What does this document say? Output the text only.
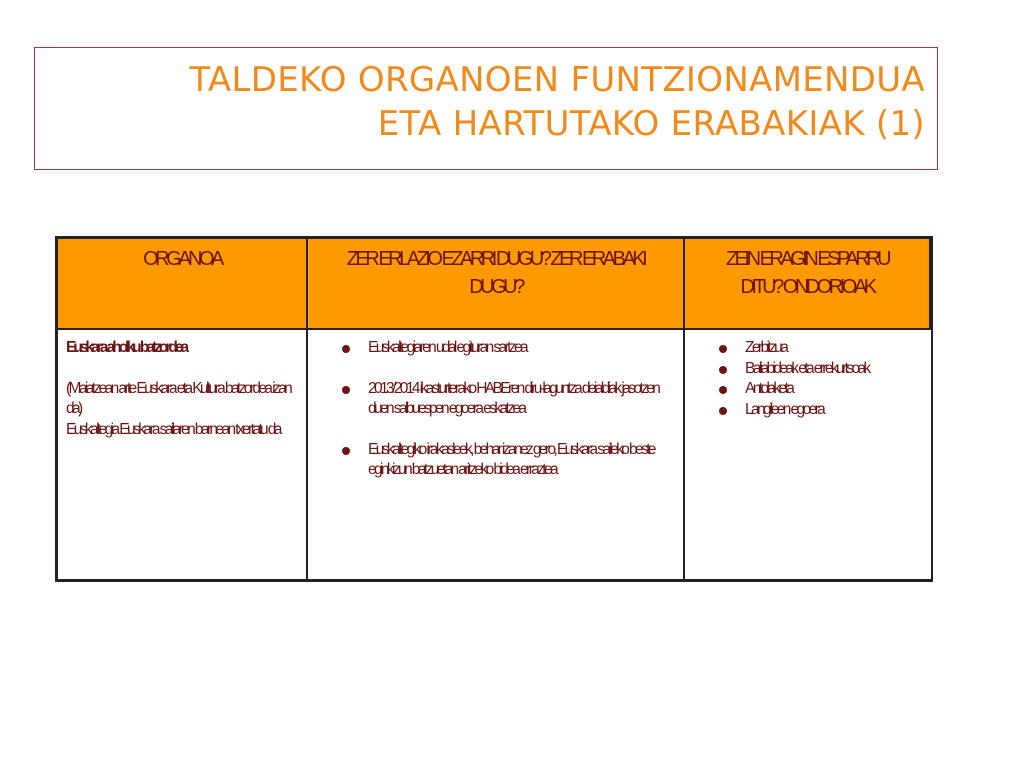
TALDEKO ORGANOEN FUNTZIONAMENDUA
ETA HARTUTAKO ERABAKIAK (1)
ORGANOA	ZER ERLAZIO EZARRI DUGU? ZER ERABAKI DUGU?
ZEIN ERAGIN ESPARRU DITU? ONDORIOAK

Euskara aholku batzordea

(Maiatzean arte Euskara eta Kultura batzordea izan da)

Euskaltegia Euskara sailaren barnean txertatu da

Euskaltegiaren udal egituran sartzea
2013/2014 ikasturterako HABEren diru-laguntza deialdiak jasotzen duen salbuespen egoera eskatzea
Euskaltegiko irakasleek, behar izanez gero, Euskara saileko beste eginkizun batzuetan aritzeko bidea erraztea
Zerbitzua
Baliabideak eta errekurtsoak
Antolaketa
Langileen egoera
